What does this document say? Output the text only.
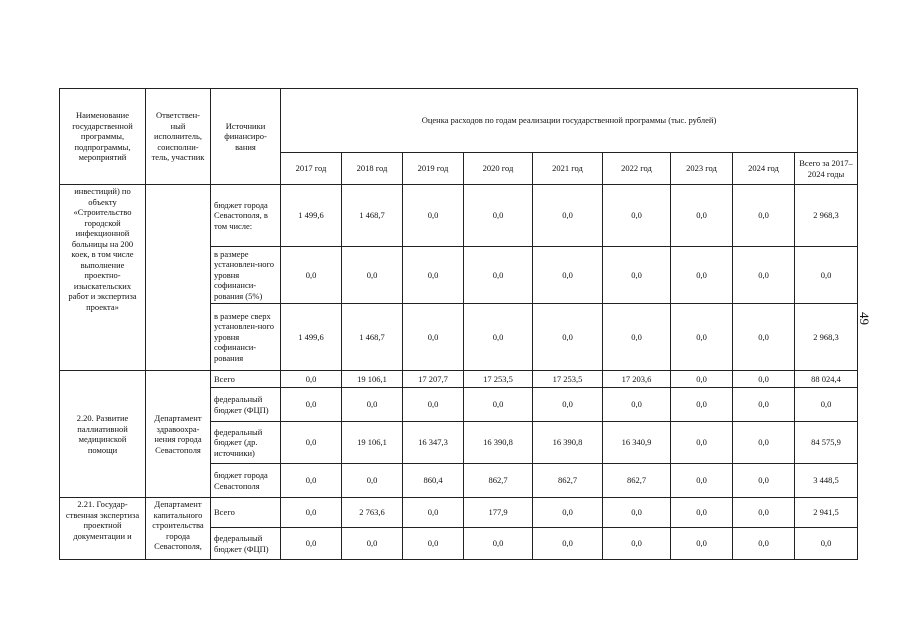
49
Наименование государственной программы, подпрограммы, мероприятий	Ответствен-ный исполнитель, соисполни-тель, участник	Источники финансиро-вания	Оценка расходов по годам реализации государственной программы (тыс. рублей)								
			2017 год	2018 год	2019 год	2020 год	2021 год	2022 год	2023 год	2024 год	Всего за 2017–2024 годы
инвестиций) по объекту «Строительство городской инфекционной больницы на 200 коек, в том числе выполнение проектно-изыскательских работ и экспертиза проекта»		бюджет города Севастополя, в том числе:	1 499,6	1 468,7	0,0	0,0	0,0	0,0	0,0	0,0	2 968,3
		в размере установлен-ного уровня софинанси-рования (5%)	0,0	0,0	0,0	0,0	0,0	0,0	0,0	0,0	0,0
		в размере сверх установлен-ного уровня софинанси-рования	1 499,6	1 468,7	0,0	0,0	0,0	0,0	0,0	0,0	2 968,3
2.20. Развитие паллиативной медицинской помощи	Департамент здравоохра-нения города Севастополя	Всего	0,0	19 106,1	17 207,7	17 253,5	17 253,5	17 203,6	0,0	0,0	88 024,4
		федеральный бюджет (ФЦП)	0,0	0,0	0,0	0,0	0,0	0,0	0,0	0,0	0,0
		федеральный бюджет (др. источники)	0,0	19 106,1	16 347,3	16 390,8	16 390,8	16 340,9	0,0	0,0	84 575,9
		бюджет города Севастополя	0,0	0,0	860,4	862,7	862,7	862,7	0,0	0,0	3 448,5
2.21. Государ-ственная экспертиза проектной документации и	Департамент капитального строительства города Севастополя,	Всего	0,0	2 763,6	0,0	177,9	0,0	0,0	0,0	0,0	2 941,5
		федеральный бюджет (ФЦП)	0,0	0,0	0,0	0,0	0,0	0,0	0,0	0,0	0,0
